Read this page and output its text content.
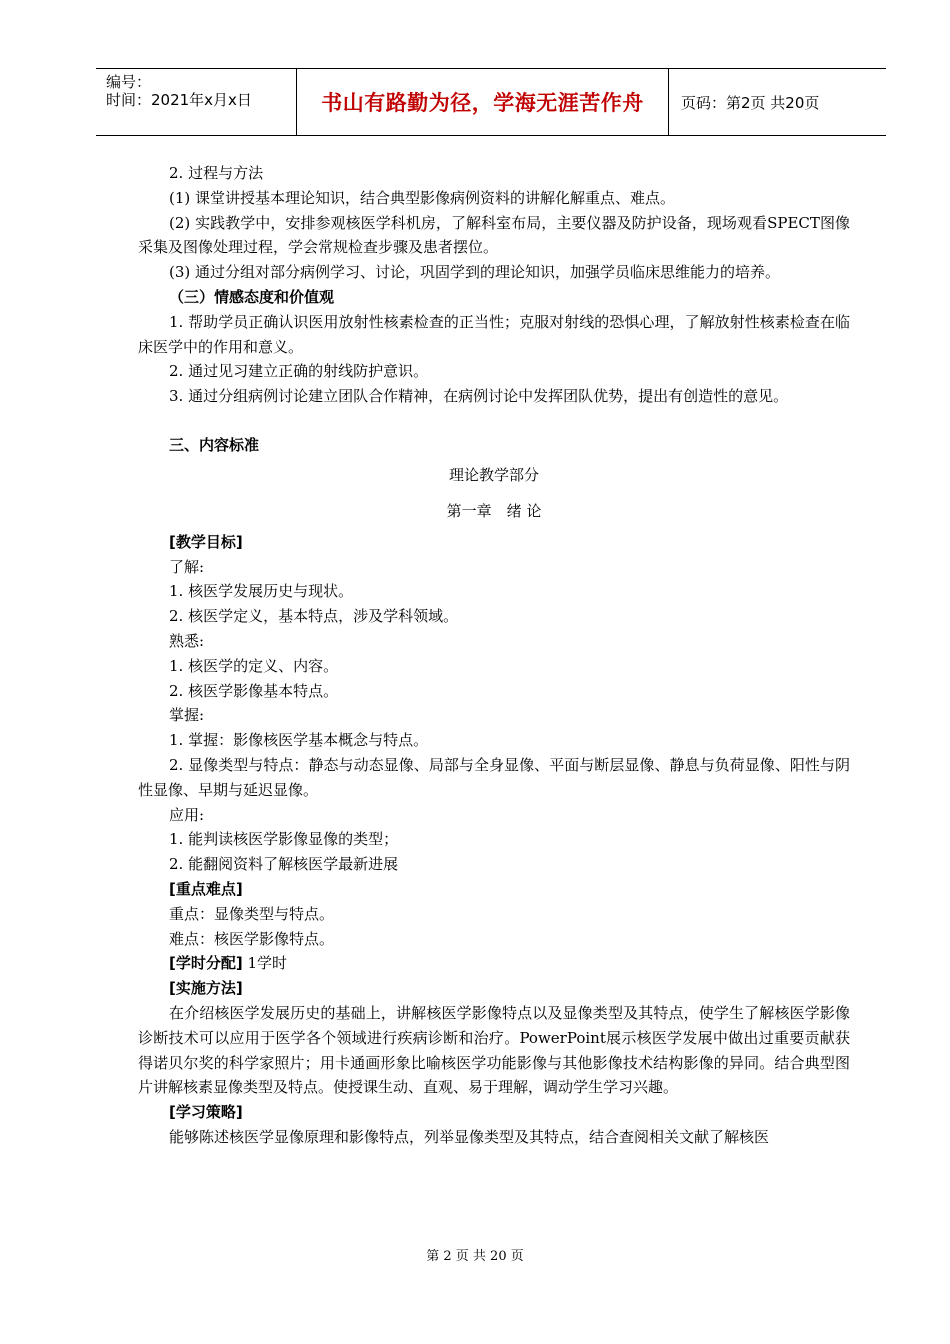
编号：
时间：2021年x月x日	书山有路勤为径，学海无涯苦作舟	页码：第2页 共20页
2. 过程与方法
(1) 课堂讲授基本理论知识，结合典型影像病例资料的讲解化解重点、难点。
(2) 实践教学中，安排参观核医学科机房，了解科室布局，主要仪器及防护设备，现场观看SPECT图像采集及图像处理过程，学会常规检查步骤及患者摆位。
(3) 通过分组对部分病例学习、讨论，巩固学到的理论知识，加强学员临床思维能力的培养。
（三）情感态度和价值观
1. 帮助学员正确认识医用放射性核素检查的正当性；克服对射线的恐惧心理，了解放射性核素检查在临床医学中的作用和意义。
2. 通过见习建立正确的射线防护意识。
3. 通过分组病例讨论建立团队合作精神，在病例讨论中发挥团队优势，提出有创造性的意见。
三、内容标准
理论教学部分
第一章　绪 论
[教学目标]
了解:
1. 核医学发展历史与现状。
2. 核医学定义，基本特点，涉及学科领域。
熟悉:
1. 核医学的定义、内容。
2. 核医学影像基本特点。
掌握:
1. 掌握：影像核医学基本概念与特点。
2. 显像类型与特点：静态与动态显像、局部与全身显像、平面与断层显像、静息与负荷显像、阳性与阴性显像、早期与延迟显像。
应用:
1. 能判读核医学影像显像的类型；
2. 能翻阅资料了解核医学最新进展
[重点难点]
重点：显像类型与特点。
难点：核医学影像特点。
[学时分配] 1学时
[实施方法]
在介绍核医学发展历史的基础上，讲解核医学影像特点以及显像类型及其特点，使学生了解核医学影像诊断技术可以应用于医学各个领域进行疾病诊断和治疗。PowerPoint展示核医学发展中做出过重要贡献获得诺贝尔奖的科学家照片；用卡通画形象比喻核医学功能影像与其他影像技术结构影像的异同。结合典型图片讲解核素显像类型及特点。使授课生动、直观、易于理解，调动学生学习兴趣。
[学习策略]
能够陈述核医学显像原理和影像特点，列举显像类型及其特点，结合查阅相关文献了解核医
第 2 页 共 20 页
